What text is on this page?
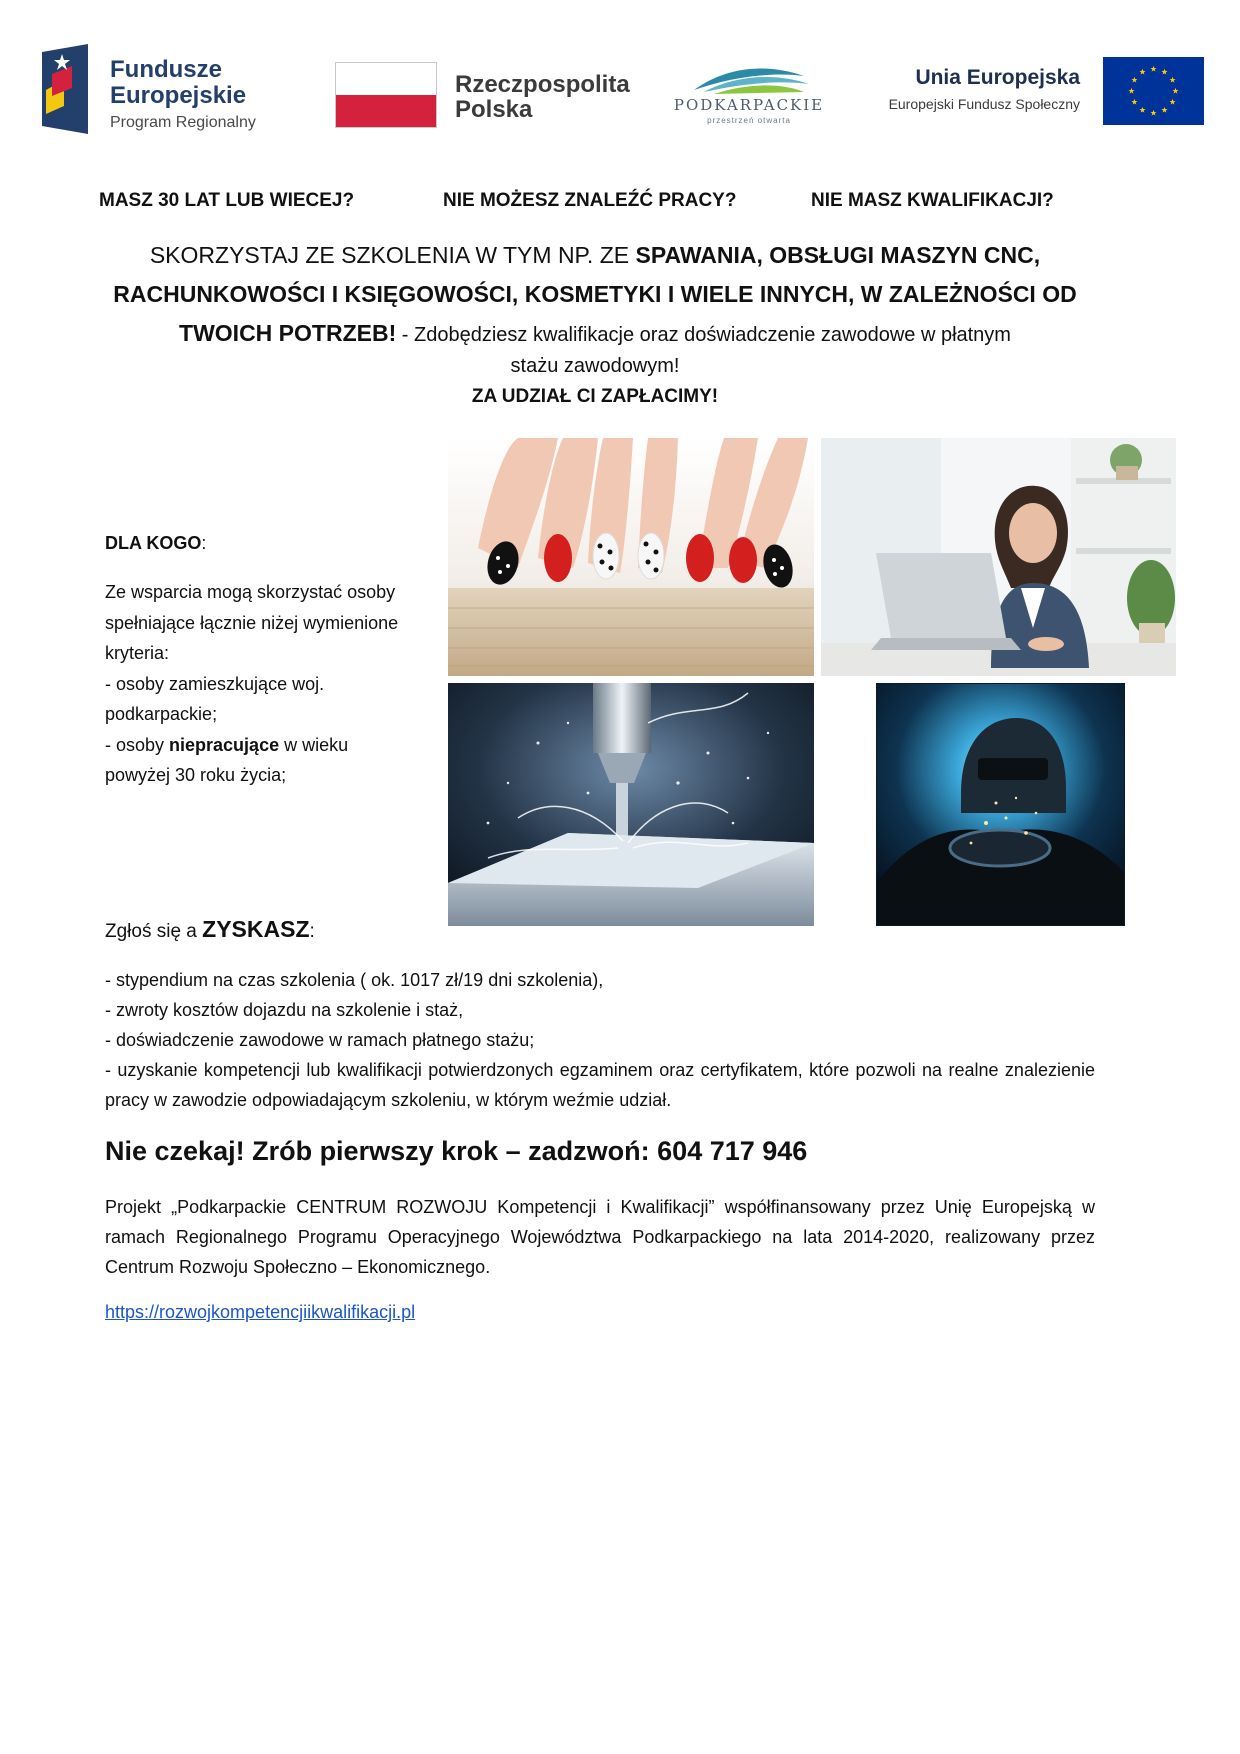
Fundusze
Europejskie
Program Regionalny
Rzeczpospolita
Polska	PODKARPACKIE
przestrzeń otwarta
Unia Europejska
Europejski Fundusz Społeczny
MASZ 30 LAT LUB WIECEJ?	NIE MOŻESZ ZNALEŹĆ PRACY?	NIE MASZ KWALIFIKACJI?
SKORZYSTAJ ZE SZKOLENIA W TYM NP. ZE SPAWANIA, OBSŁUGI MASZYN CNC, RACHUNKOWOŚCI I KSIĘGOWOŚCI, KOSMETYKI I WIELE INNYCH, W ZALEŻNOŚCI OD TWOICH POTRZEB! - Zdobędziesz kwalifikacje oraz doświadczenie zawodowe w płatnym
stażu zawodowym!
ZA UDZIAŁ CI ZAPŁACIMY!
DLA KOGO:

Ze wsparcia mogą skorzystać osoby spełniające łącznie niżej wymienione kryteria:

- osoby zamieszkujące woj. podkarpackie;

- osoby niepracujące w wieku powyżej 30 roku życia;

Zgłoś się a ZYSKASZ:

- stypendium na czas szkolenia ( ok. 1017 zł/19 dni szkolenia),

- zwroty kosztów dojazdu na szkolenie i staż,

- doświadczenie zawodowe w ramach płatnego stażu;

- uzyskanie kompetencji lub kwalifikacji potwierdzonych egzaminem oraz certyfikatem, które pozwoli na realne znalezienie pracy w zawodzie odpowiadającym szkoleniu, w którym weźmie udział.

Nie czekaj! Zrób pierwszy krok – zadzwoń: 604 717 946
Projekt „Podkarpackie CENTRUM ROZWOJU Kompetencji i Kwalifikacji” współfinansowany przez Unię Europejską w ramach Regionalnego Programu Operacyjnego Województwa Podkarpackiego na lata 2014-2020, realizowany przez Centrum Rozwoju Społeczno – Ekonomicznego.
https://rozwojkompetencjiikwalifikacji.pl
